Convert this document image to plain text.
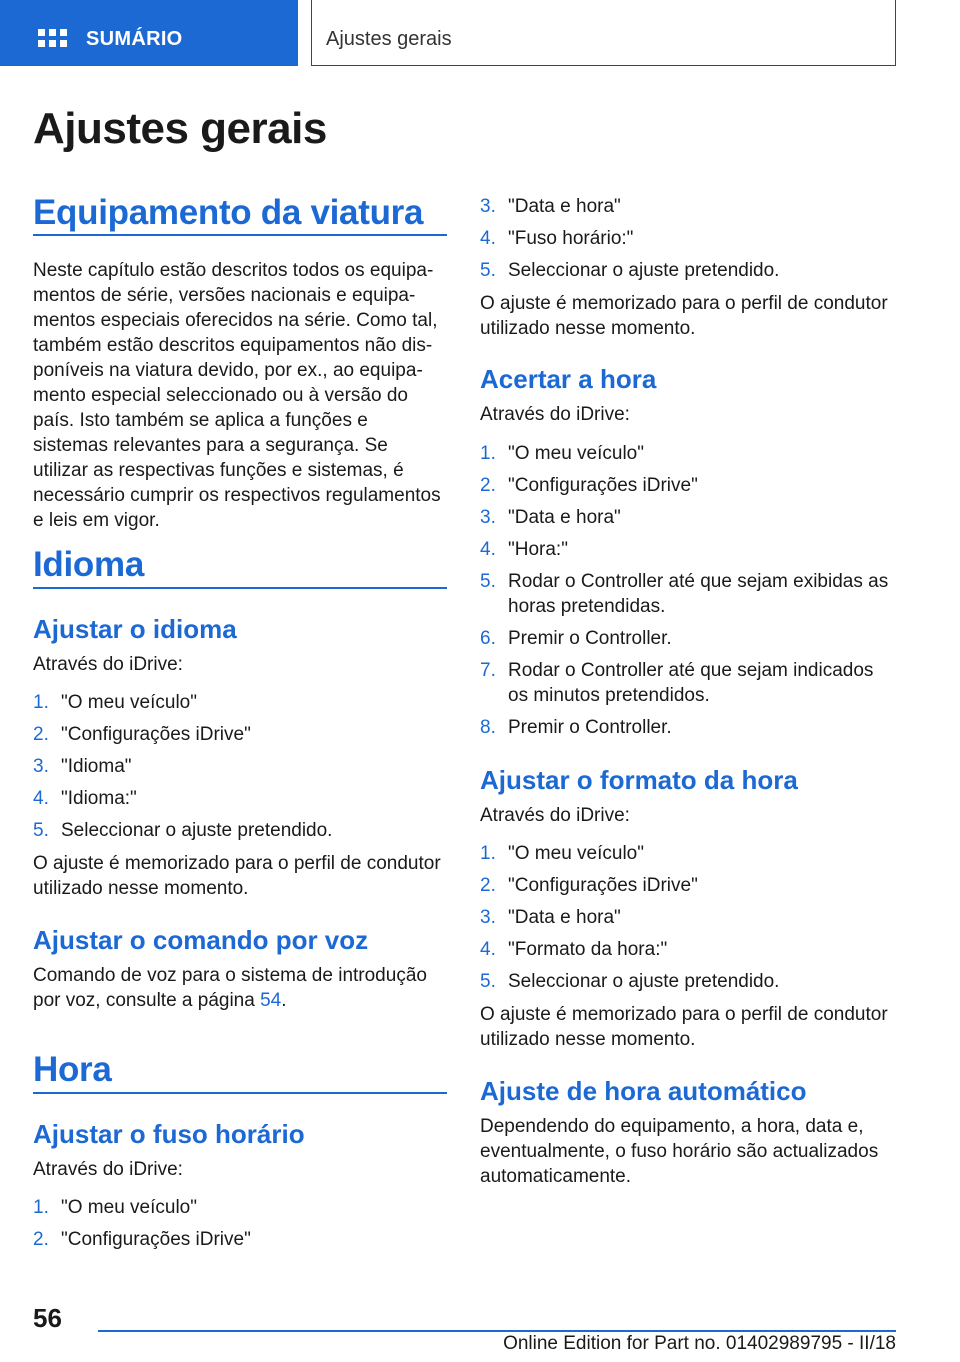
SUMÁRIO	Ajustes gerais
Ajustes gerais
Equipamento da viatura

Neste capítulo estão descritos todos os equipamentos de série, versões nacionais e equipamentos especiais oferecidos na série. Como tal, também estão descritos equipamentos não disponíveis na viatura devido, por ex., ao equipamento especial seleccionado ou à versão do país. Isto também se aplica a funções e sistemas relevantes para a segurança. Se utilizar as respectivas funções e sistemas, é necessário cumprir os respectivos regulamentos e leis em vigor.

Idioma
Ajustar o idioma

Através do iDrive:

1. "O meu veículo"
2. "Configurações iDrive"
3. "Idioma"
4. "Idioma:"
5. Seleccionar o ajuste pretendido.

O ajuste é memorizado para o perfil de condutor utilizado nesse momento.

Ajustar o comando por voz

Comando de voz para o sistema de introdução por voz, consulte a página 54.

Hora
Ajustar o fuso horário

Através do iDrive:

1. "O meu veículo"
2. "Configurações iDrive"
3. "Data e hora"
4. "Fuso horário:"
5. Seleccionar o ajuste pretendido.

O ajuste é memorizado para o perfil de condutor utilizado nesse momento.

Acertar a hora

Através do iDrive:

1. "O meu veículo"
2. "Configurações iDrive"
3. "Data e hora"
4. "Hora:"
5. Rodar o Controller até que sejam exibidas as horas pretendidas.
6. Premir o Controller.
7. Rodar o Controller até que sejam indicados os minutos pretendidos.
8. Premir o Controller.
Ajustar o formato da hora

Através do iDrive:

1. "O meu veículo"
2. "Configurações iDrive"
3. "Data e hora"
4. "Formato da hora:"
5. Seleccionar o ajuste pretendido.

O ajuste é memorizado para o perfil de condutor utilizado nesse momento.

Ajuste de hora automático

Dependendo do equipamento, a hora, data e, eventualmente, o fuso horário são actualizados automaticamente.

56
Online Edition for Part no. 01402989795 - II/18
